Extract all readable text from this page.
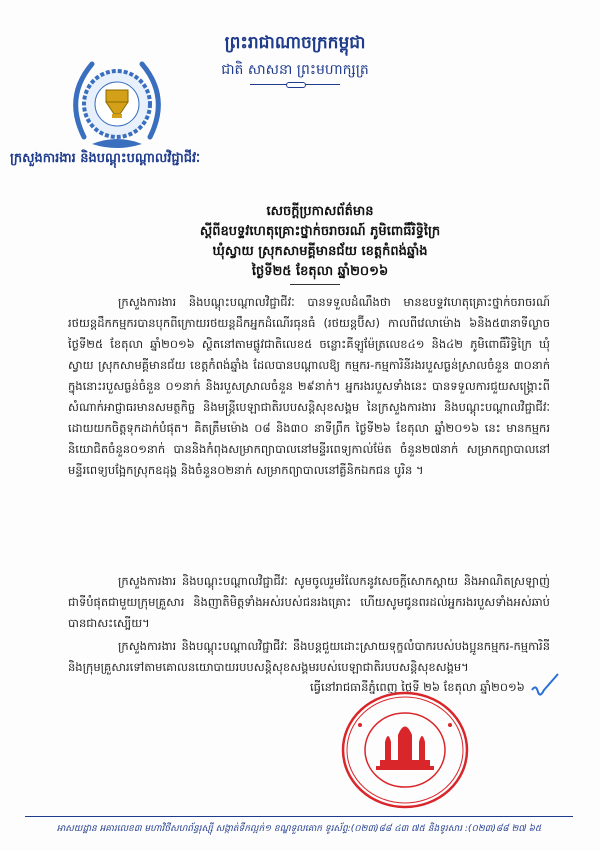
ព្រះរាជាណាចក្រកម្ពុជា
ជាតិ សាសនា ព្រះមហាក្សត្រ
ក្រសួងការងារ និងបណ្តុះបណ្តាលវិជ្ជាជីវៈ
សេចក្តីប្រកាសព័ត៌មាន
ស្តីពីឧបទ្ទវហេតុគ្រោះថ្នាក់ចរាចរណ៍ ភូមិពោធិ៍រិទ្ធិក្រៃ
ឃុំស្វាយ ស្រុកសាមគ្គីមានជ័យ ខេត្តកំពង់ឆ្នាំង
ថ្ងៃទី២៥ ខែតុលា ឆ្នាំ២០១៦
ក្រសួងការងារ និងបណ្តុះបណ្តាលវិជ្ជាជីវៈ បានទទួលដំណឹងថា មានឧបទ្ទវហេតុគ្រោះថ្នាក់ចរាចរណ៍ រថយន្តដឹកកម្មករបានបុកពីក្រោយរថយន្តដឹកអ្នកដំណើរធុនធំ (រថយន្តប៊ីស) កាលពីវេលាម៉ោង ៦និង៥៣នាទីល្ងាច ថ្ងៃទី២៥ ខែតុលា ឆ្នាំ២០១៦ ស្ថិតនៅតាមផ្លូវជាតិលេខ៥ ចន្លោះគីឡូម៉ែត្រលេខ៤១ និង៤២ ភូមិពោធិ៍រិទ្ធិក្រៃ ឃុំស្វាយ ស្រុកសាមគ្គីមានជ័យ ខេត្តកំពង់ឆ្នាំង ដែលបានបណ្តាលឱ្យ កម្មករ-កម្មការិនីរងរបួសធ្ងន់ស្រាលចំនួន ៣០នាក់ ក្នុងនោះរបួសធ្ងន់ចំនួន ០១នាក់ និងរបួសស្រាលចំនួន ២៩នាក់។ អ្នករងរបួសទាំងនេះ បានទទួលការជួយសង្គ្រោះពីសំណាក់អាជ្ញាធរមានសមត្ថកិច្ច និងមន្ត្រីបេឡាជាតិរបបសន្តិសុខសង្គម នៃក្រសួងការងារ និងបណ្តុះបណ្តាលវិជ្ជាជីវៈ ដោយយកចិត្តទុកដាក់បំផុត។ គិតត្រឹមម៉ោង ០៨ និង៣០ នាទីព្រឹក ថ្ងៃទី២៦ ខែតុលា ឆ្នាំ២០១៦ នេះ មានកម្មករនិយោជិតចំនួន០១នាក់ បាននិងកំពុងសម្រាកព្យាបាលនៅមន្ទីរពេទ្យកាល់ម៉ែត ចំនួន២៧នាក់ សម្រាកព្យាបាលនៅមន្ទីរពេទ្យបង្អែកស្រុកឧដុង្គ និងចំនួន០២នាក់ សម្រាកព្យាបាលនៅគ្លីនិកឯកជន បូរិន ។
ក្រសួងការងារ និងបណ្តុះបណ្តាលវិជ្ជាជីវៈ សូមចូលរួមរំលែកនូវសេចក្តីសោកស្តាយ និងអាណិតស្រឡាញ់ជាទីបំផុតជាមួយក្រុមគ្រួសារ និងញាតិមិត្តទាំងអស់របស់ជនរងគ្រោះ ហើយសូមជូនពរដល់អ្នករងរបួសទាំងអស់ឆាប់បានជាសះស្បើយ។
ក្រសួងការងារ និងបណ្តុះបណ្តាលវិជ្ជាជីវៈ នឹងបន្តជួយដោះស្រាយទុក្ខលំបាករបស់បងប្អូនកម្មករ-កម្មការិនី និងក្រុមគ្រួសារទៅតាមគោលនយោបាយរបបសន្តិសុខសង្គមរបស់បេឡាជាតិរបបសន្តិសុខសង្គម។
ធ្វើនៅរាជធានីភ្នំពេញ ថ្ងៃទី ២៦ ខែតុលា ឆ្នាំ២០១៦
អាសយដ្ឋាន អគារលេខ៣ មហាវិថីសហព័ន្ធរុស្ស៊ី សង្កាត់ទឹកល្អក់១ ខណ្ឌទួលគោក ទូរស័ព្ទ:(០២៣)៨៨ ៤៣ ៧៥ និងទូរសារ :(០២៣)៨៨ ២៧ ៦៥
